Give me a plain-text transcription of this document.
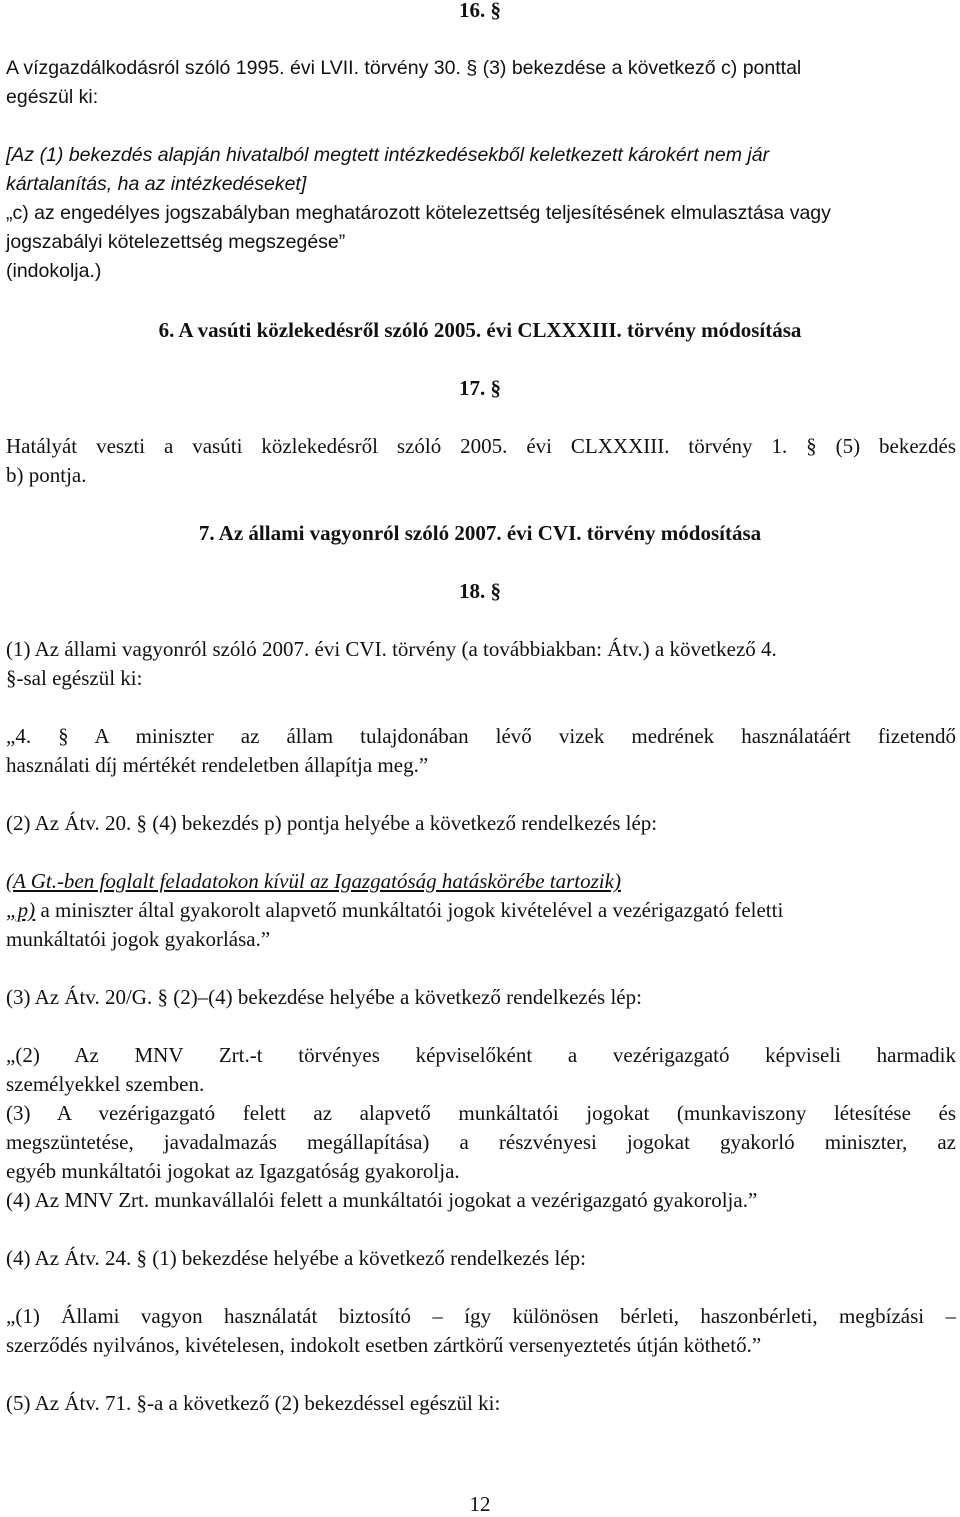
16. §
A vízgazdálkodásról szóló 1995. évi LVII. törvény 30. § (3) bekezdése a következő c) ponttal
egészül ki:
[Az (1) bekezdés alapján hivatalból megtett intézkedésekből keletkezett károkért nem jár
kártalanítás, ha az intézkedéseket]
„c) az engedélyes jogszabályban meghatározott kötelezettség teljesítésének elmulasztása vagy
jogszabályi kötelezettség megszegése”
(indokolja.)
6. A vasúti közlekedésről szóló 2005. évi CLXXXIII. törvény módosítása
17. §
Hatályát veszti a vasúti közlekedésről szóló 2005. évi CLXXXIII. törvény 1. § (5) bekezdés
b) pontja.
7. Az állami vagyonról szóló 2007. évi CVI. törvény módosítása
18. §
(1) Az állami vagyonról szóló 2007. évi CVI. törvény (a továbbiakban: Átv.) a következő 4.
§-sal egészül ki:
„4. § A miniszter az állam tulajdonában lévő vizek medrének használatáért fizetendő
használati díj mértékét rendeletben állapítja meg.”
(2) Az Átv. 20. § (4) bekezdés p) pontja helyébe a következő rendelkezés lép:
(A Gt.-ben foglalt feladatokon kívül az Igazgatóság hatáskörébe tartozik)
„p) a miniszter által gyakorolt alapvető munkáltatói jogok kivételével a vezérigazgató feletti
munkáltatói jogok gyakorlása.”
(3) Az Átv. 20/G. § (2)–(4) bekezdése helyébe a következő rendelkezés lép:
„(2) Az MNV Zrt.-t törvényes képviselőként a vezérigazgató képviseli harmadik
személyekkel szemben.
(3) A vezérigazgató felett az alapvető munkáltatói jogokat (munkaviszony létesítése és
megszüntetése, javadalmazás megállapítása) a részvényesi jogokat gyakorló miniszter, az
egyéb munkáltatói jogokat az Igazgatóság gyakorolja.
(4) Az MNV Zrt. munkavállalói felett a munkáltatói jogokat a vezérigazgató gyakorolja.”
(4) Az Átv. 24. § (1) bekezdése helyébe a következő rendelkezés lép:
„(1) Állami vagyon használatát biztosító – így különösen bérleti, haszonbérleti, megbízási –
szerződés nyilvános, kivételesen, indokolt esetben zártkörű versenyeztetés útján köthető.”
(5) Az Átv. 71. §-a a következő (2) bekezdéssel egészül ki:
12
